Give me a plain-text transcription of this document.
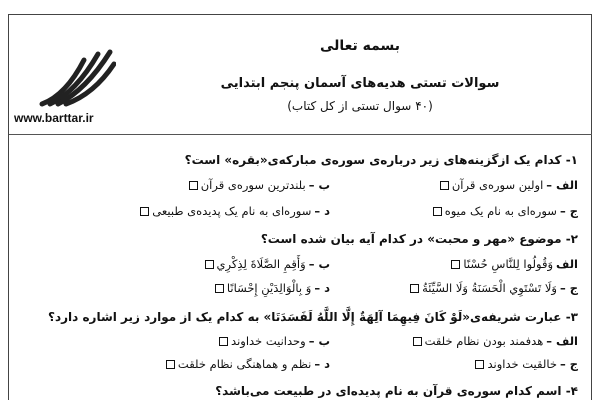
www.barttar.ir
بسمه تعالی
سوالات تستی هدیه‌های آسمان پنجم ابتدایی
(۴۰ سوال تستی از کل کتاب)
۱- کدام یک ازگزینه‌های زیر درباره‌ی سوره‌ی مبارکه‌ی«بقره» است؟
الف –
اولین سوره‌ی قرآن
ب –
بلندترین سوره‌ی قرآن
ج –
سوره‌ای به نام یک میوه
د –
سوره‌ای به نام یک پدیده‌ی طبیعی
۲- موضوع «مهر و محبت» در کدام آیه بیان شده است؟
الف
وَقُولُوا لِلنَّاسِ حُسْنًا
ب –
وَأَقِمِ الصَّلَاةَ لِذِكْرِي
ج –
وَلَا تَسْتَوِي الْحَسَنَةُ وَلَا السَّيِّئَةُ
د –
وَ بِالْوَالِدَيْنِ إِحْسَانًا
۳- عبارت شریفه‌ی«لَوْ كَانَ فِيهِمَا آلِهَةٌ إِلَّا اللَّهُ لَفَسَدَتَا» به کدام یک از موارد زیر اشاره دارد؟
الف –
هدفمند بودن نظام خلقت
ب –
وحدانیت خداوند
ج –
خالقیت خداوند
د –
نظم و هماهنگی نظام خلقت
۴- اسم کدام سوره‌ی قرآن به نام پدیده‌ای در طبیعت می‌باشد؟
